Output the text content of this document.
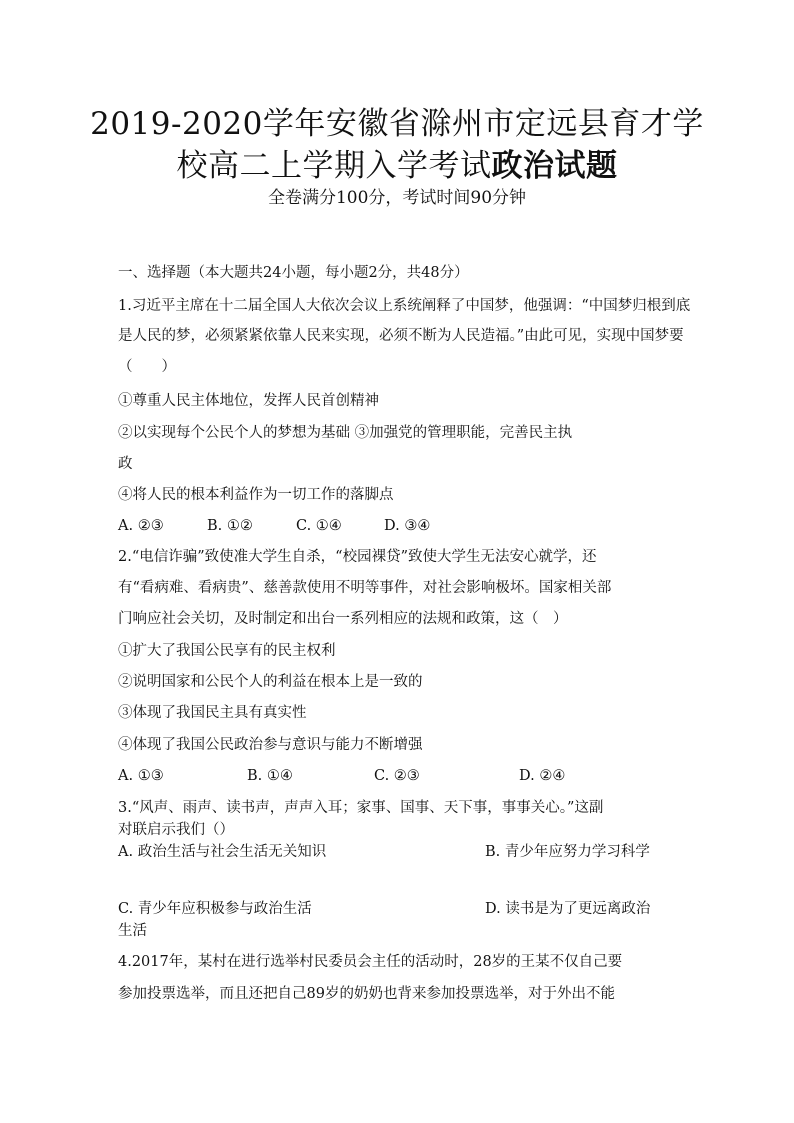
2019-2020学年安徽省滁州市定远县育才学
校高二上学期入学考试政治试题
全卷满分100分，考试时间90分钟
一、选择题（本大题共24小题，每小题2分，共48分）
1.习近平主席在十二届全国人大依次会议上系统阐释了中国梦，他强调：“中国梦归根到底
是人民的梦，必须紧紧依靠人民来实现，必须不断为人民造福。”由此可见，实现中国梦要
（　　）
①尊重人民主体地位，发挥人民首创精神
②以实现每个公民个人的梦想为基础 ③加强党的管理职能，完善民主执
政
④将人民的根本利益作为一切工作的落脚点
A. ②③	B. ①②	C. ①④	D. ③④
2.“电信诈骗”致使准大学生自杀，“校园裸贷”致使大学生无法安心就学，还
有“看病难、看病贵”、慈善款使用不明等事件，对社会影响极坏。国家相关部
门响应社会关切，及时制定和出台一系列相应的法规和政策，这（　）
①扩大了我国公民享有的民主权利
②说明国家和公民个人的利益在根本上是一致的
③体现了我国民主具有真实性
④体现了我国公民政治参与意识与能力不断增强
A. ①③	B. ①④	C. ②③	D. ②④
3.“风声、雨声、读书声，声声入耳；家事、国事、天下事，事事关心。”这副
对联启示我们（）
A. 政治生活与社会生活无关知识	B. 青少年应努力学习科学
C. 青少年应积极参与政治生活	D. 读书是为了更远离政治
生活
4.2017年，某村在进行选举村民委员会主任的活动时，28岁的王某不仅自己要
参加投票选举，而且还把自己89岁的奶奶也背来参加投票选举，对于外出不能
